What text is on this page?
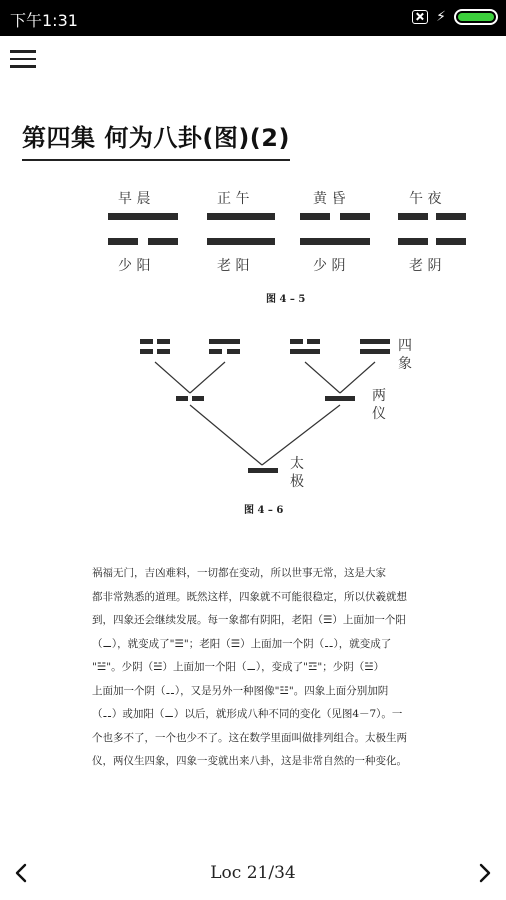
下午1:31	⚡
第四集 何为八卦(图)(2)
早 晨	正 午	黄 昏	午 夜
少 阳	老 阳	少 阴	老 阴
图 4 – 5
四
象
两
仪
太
极
图 4 – 6

祸福无门，吉凶难料，一切都在变动，所以世事无常，这是大家

都非常熟悉的道理。既然这样，四象就不可能很稳定，所以伏羲就想

到，四象还会继续发展。每一象都有阴阳，老阳（☰）上面加一个阳

（⚊），就变成了"☰"；老阳（☰）上面加一个阴（⚋），就变成了

"☱"。少阴（☱）上面加一个阳（⚊），变成了"☲"；少阴（☱）

上面加一个阴（⚋），又是另外一种图像"☳"。四象上面分别加阴

（⚋）或加阳（⚊）以后，就形成八种不同的变化（见图4－7）。一

个也多不了，一个也少不了。这在数学里面叫做排列组合。太极生两

仪，两仪生四象，四象一变就出来八卦，这是非常自然的一种变化。

Loc 21/34
